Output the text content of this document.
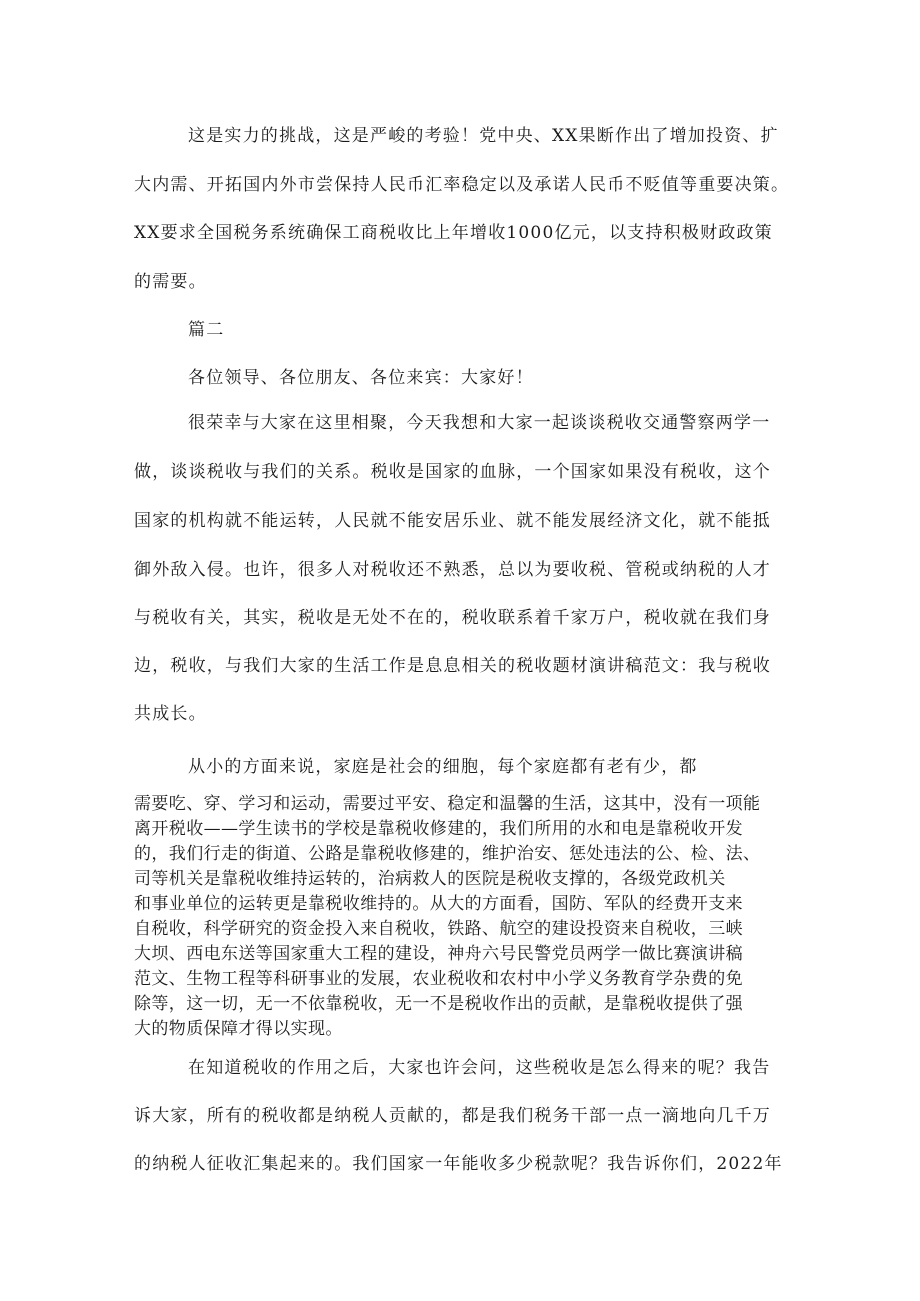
这是实力的挑战，这是严峻的考验！党中央、XX果断作出了增加投资、扩

大内需、开拓国内外市尝保持人民币汇率稳定以及承诺人民币不贬值等重要决策。

XX要求全国税务系统确保工商税收比上年增收1000亿元，以支持积极财政政策

的需要。

篇二

各位领导、各位朋友、各位来宾：大家好！

很荣幸与大家在这里相聚，今天我想和大家一起谈谈税收交通警察两学一

做，谈谈税收与我们的关系。税收是国家的血脉，一个国家如果没有税收，这个

国家的机构就不能运转，人民就不能安居乐业、就不能发展经济文化，就不能抵

御外敌入侵。也许，很多人对税收还不熟悉，总以为要收税、管税或纳税的人才

与税收有关，其实，税收是无处不在的，税收联系着千家万户，税收就在我们身

边，税收，与我们大家的生活工作是息息相关的税收题材演讲稿范文：我与税收

共成长。

从小的方面来说，家庭是社会的细胞，每个家庭都有老有少，都

需要吃、穿、学习和运动，需要过平安、稳定和温馨的生活，这其中，没有一项能

离开税收——学生读书的学校是靠税收修建的，我们所用的水和电是靠税收开发

的，我们行走的街道、公路是靠税收修建的，维护治安、惩处违法的公、检、法、

司等机关是靠税收维持运转的，治病救人的医院是税收支撑的，各级党政机关

和事业单位的运转更是靠税收维持的。从大的方面看，国防、军队的经费开支来

自税收，科学研究的资金投入来自税收，铁路、航空的建设投资来自税收，三峡

大坝、西电东送等国家重大工程的建设，神舟六号民警党员两学一做比赛演讲稿

范文、生物工程等科研事业的发展，农业税收和农村中小学义务教育学杂费的免

除等，这一切，无一不依靠税收，无一不是税收作出的贡献，是靠税收提供了强

大的物质保障才得以实现。

在知道税收的作用之后，大家也许会问，这些税收是怎么得来的呢？我告

诉大家，所有的税收都是纳税人贡献的，都是我们税务干部一点一滴地向几千万

的纳税人征收汇集起来的。我们国家一年能收多少税款呢？我告诉你们，2022年
